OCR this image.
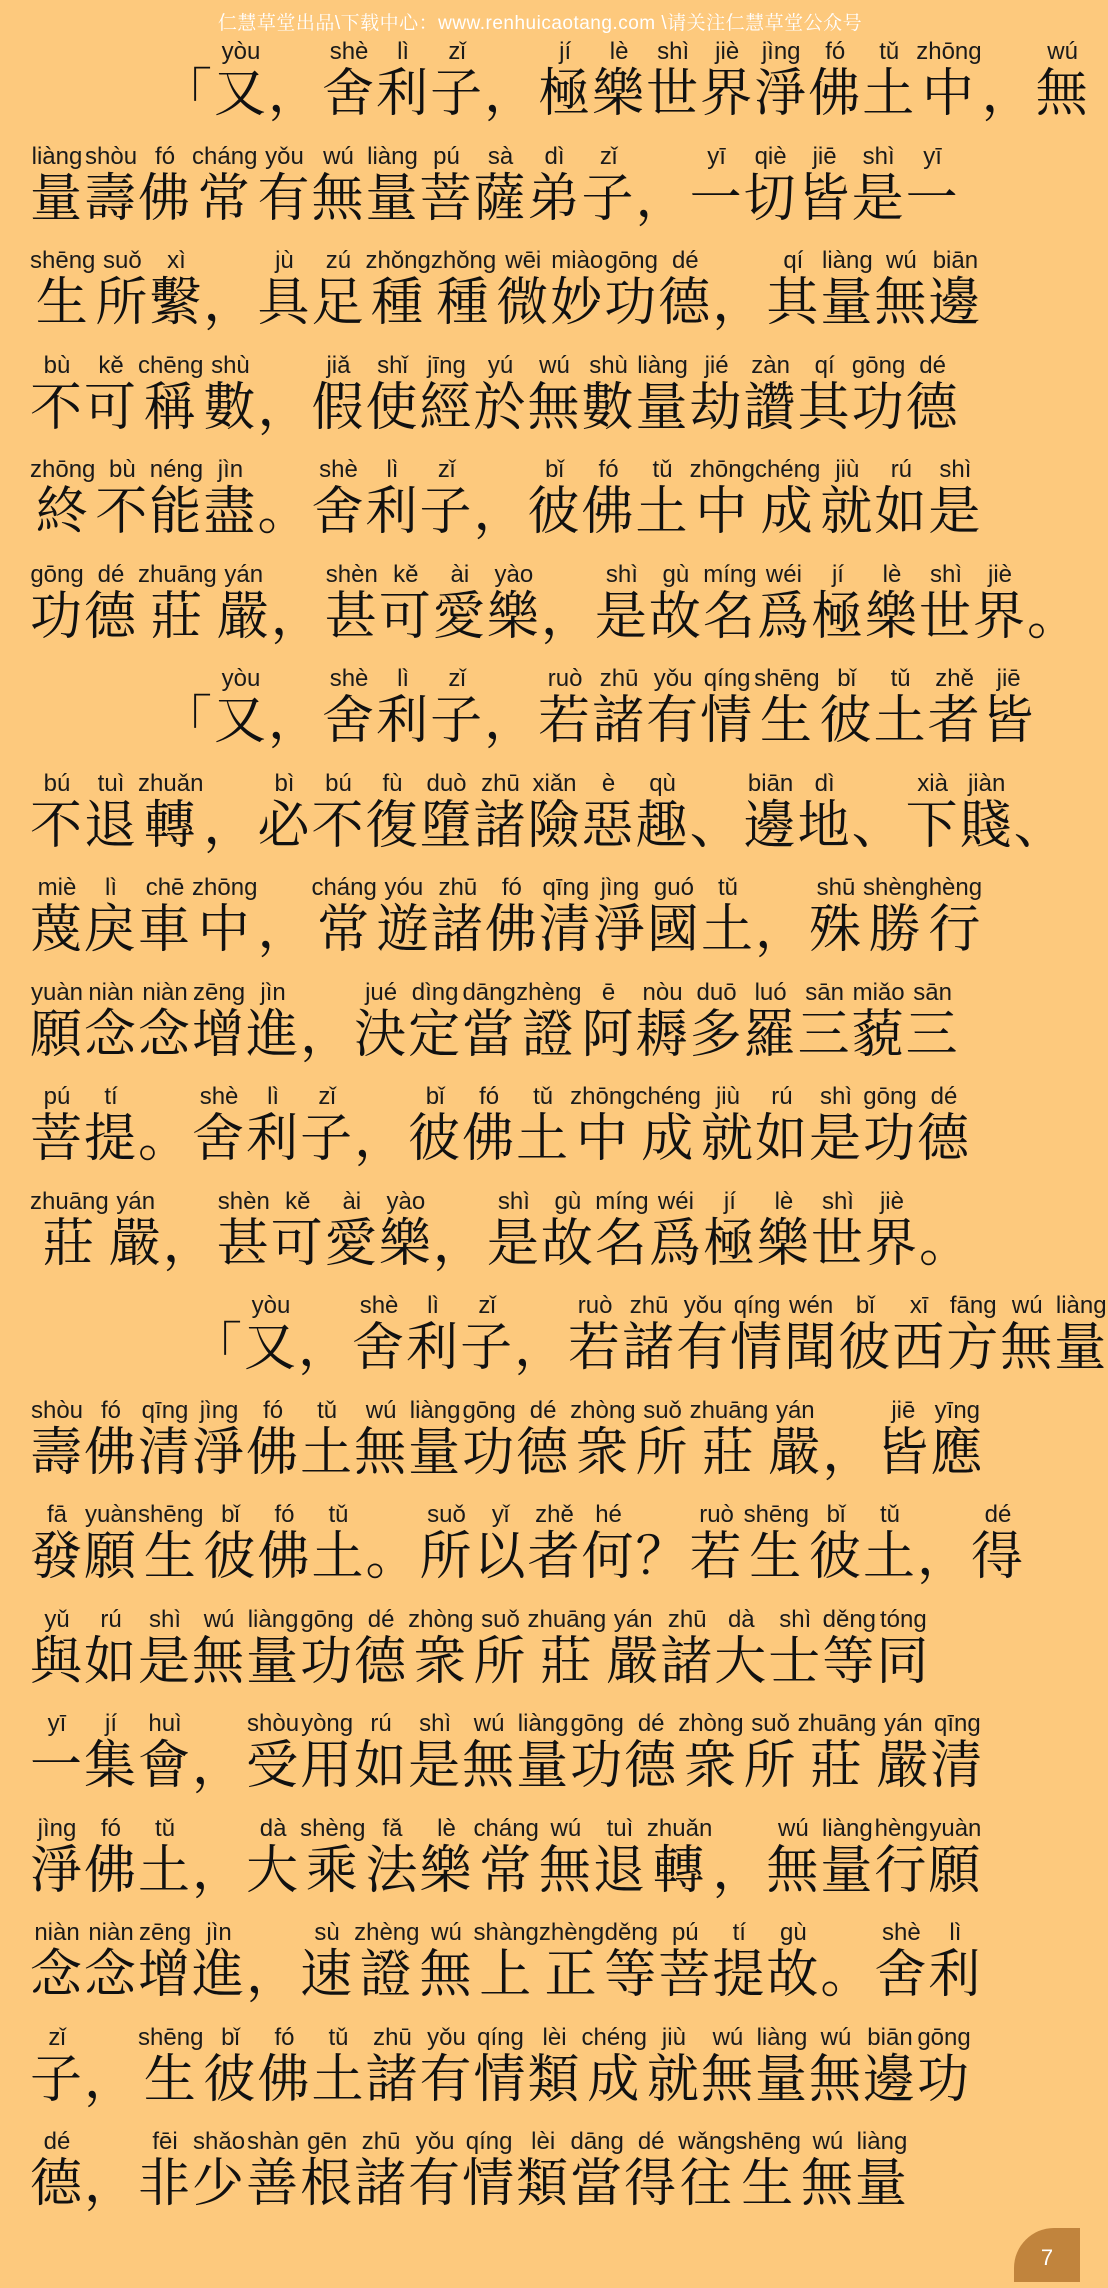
仁慧草堂出品\下载中心：www.renhuicaotang.com \请关注仁慧草堂公众号
「又yòu，舍shè利lì子zǐ，極jí樂lè世shì界jiè淨jìng佛fó土tǔ中zhōng，無wú
量liàng壽shòu佛fó常cháng有yǒu無wú量liàng菩pú薩sà弟dì子zǐ，一yī切qiè皆jiē是shì一yī
生shēng所suǒ繫xì，具jù足zú種zhǒng種zhǒng微wēi妙miào功gōng德dé，其qí量liàng無wú邊biān
不bù可kě稱chēng數shù，假jiǎ使shǐ經jīng於yú無wú數shù量liàng劫jié讚zàn其qí功gōng德dé
終zhōng不bù能néng盡jìn。舍shè利lì子zǐ，彼bǐ佛fó土tǔ中zhōng成chéng就jiù如rú是shì
功gōng德dé莊zhuāng嚴yán，甚shèn可kě愛ài樂yào，是shì故gù名míng爲wéi極jí樂lè世shì界jiè。
「又yòu，舍shè利lì子zǐ，若ruò諸zhū有yǒu情qíng生shēng彼bǐ土tǔ者zhě皆jiē
不bú退tuì轉zhuǎn，必bì不bú復fù墮duò諸zhū險xiǎn惡è趣qù、邊biān地dì、下xià賤jiàn、
蔑miè戾lì車chē中zhōng，常cháng遊yóu諸zhū佛fó清qīng淨jìng國guó土tǔ，殊shū勝shèng行hèng
願yuàn念niàn念niàn增zēng進jìn，決jué定dìng當dāng證zhèng阿ē耨nòu多duō羅luó三sān藐miǎo三sān
菩pú提tí。舍shè利lì子zǐ，彼bǐ佛fó土tǔ中zhōng成chéng就jiù如rú是shì功gōng德dé
莊zhuāng嚴yán，甚shèn可kě愛ài樂yào，是shì故gù名míng爲wéi極jí樂lè世shì界jiè。
「又yòu，舍shè利lì子zǐ，若ruò諸zhū有yǒu情qíng聞wén彼bǐ西xī方fāng無wú量liàng
壽shòu佛fó清qīng淨jìng佛fó土tǔ無wú量liàng功gōng德dé衆zhòng所suǒ莊zhuāng嚴yán，皆jiē應yīng
發fā願yuàn生shēng彼bǐ佛fó土tǔ。所suǒ以yǐ者zhě何hé？若ruò生shēng彼bǐ土tǔ，得dé
與yǔ如rú是shì無wú量liàng功gōng德dé衆zhòng所suǒ莊zhuāng嚴yán諸zhū大dà士shì等děng同tóng
一yī集jí會huì，受shòu用yòng如rú是shì無wú量liàng功gōng德dé衆zhòng所suǒ莊zhuāng嚴yán清qīng
淨jìng佛fó土tǔ，大dà乘shèng法fǎ樂lè常cháng無wú退tuì轉zhuǎn，無wú量liàng行hèng願yuàn
念niàn念niàn增zēng進jìn，速sù證zhèng無wú上shàng正zhèng等děng菩pú提tí故gù。舍shè利lì
子zǐ，生shēng彼bǐ佛fó土tǔ諸zhū有yǒu情qíng類lèi成chéng就jiù無wú量liàng無wú邊biān功gōng
德dé，非fēi少shǎo善shàn根gēn諸zhū有yǒu情qíng類lèi當dāng得dé往wǎng生shēng無wú量liàng
7
